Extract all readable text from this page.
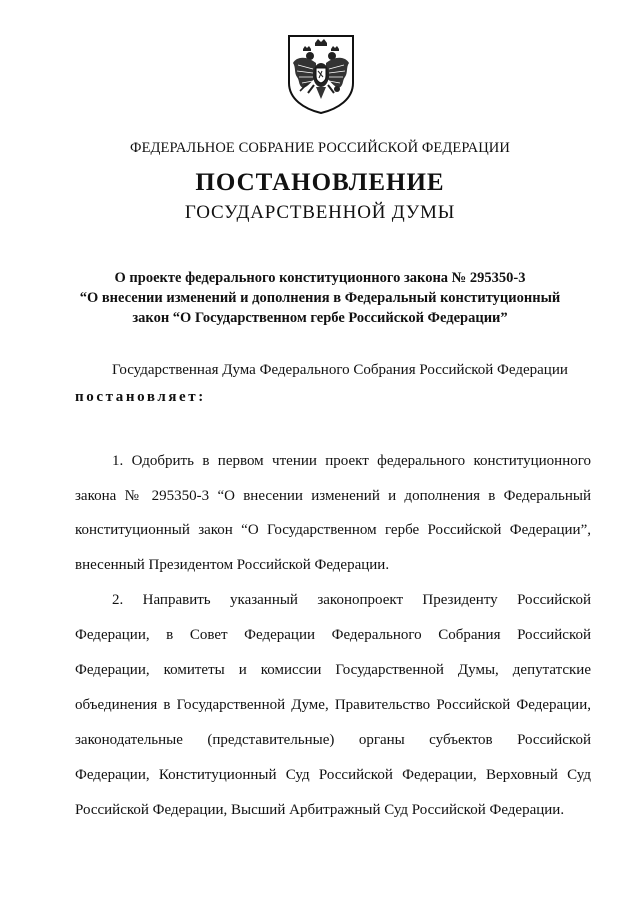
ФЕДЕРАЛЬНОЕ СОБРАНИЕ РОССИЙСКОЙ ФЕДЕРАЦИИ
ПОСТАНОВЛЕНИЕ
ГОСУДАРСТВЕННОЙ ДУМЫ
О проекте федерального конституционного закона № 295350-3
“О внесении изменений и дополнения в Федеральный конституционный
закон “О Государственном гербе Российской Федерации”
Государственная Дума Федерального Собрания Российской Федерации
постановляет:
1. Одобрить в первом чтении проект федерального конституционного
закона № 295350-3 “О внесении изменений и дополнения в Федеральный
конституционный закон “О Государственном гербе Российской Федерации”,
внесенный Президентом Российской Федерации.
2. Направить указанный законопроект Президенту Российской
Федерации, в Совет Федерации Федерального Собрания Российской
Федерации, комитеты и комиссии Государственной Думы, депутатские
объединения в Государственной Думе, Правительство Российской Федерации,
законодательные (представительные) органы субъектов Российской
Федерации, Конституционный Суд Российской Федерации, Верховный Суд
Российской Федерации, Высший Арбитражный Суд Российской Федерации.
